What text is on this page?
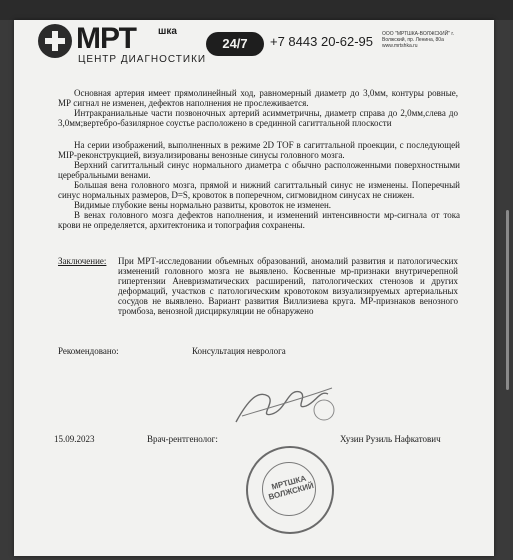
МРТ шка
ЦЕНТР ДИАГНОСТИКИ
24/7	+7 8443 20-62-95 ООО "МРТШКА-ВОЛЖСКИЙ" г. Волжский, пр. Ленина, 80а www.mrtshka.ru

Основная артерия имеет прямолинейный ход, равномерный диаметр до 3,0мм, контуры ровные, МР сигнал не изменен, дефектов наполнения не прослеживается.

Интракраниальные части позвоночных артерий асимметричны, диаметр справа до 2,0мм,слева до 3,0мм;вертебро-базилярное соустье расположено в срединной сагиттальной плоскости

На серии изображений, выполненных в режиме 2D TOF в сагиттальной проекции, с последующей МIР-реконструкцией, визуализированы венозные синусы головного мозга.

Верхний сагиттальный синус нормального диаметра с обычно расположенными поверхностными церебральными венами.

Большая вена головного мозга, прямой и нижний сагиттальный синус не изменены. Поперечный синус нормальных размеров, D=S, кровоток в поперечном, сигмовидном синусах не снижен.

Видимые глубокие вены нормально развиты, кровоток не изменен.

В венах головного мозга дефектов наполнения, и изменений интенсивности мр-сигнала от тока крови не определяется, архитектоника и топография сохранены.

Заключение:	При МРТ-исследовании объемных образований, аномалий развития и патологических изменений головного мозга не выявлено. Косвенные мр-признаки внутричерепной гипертензии Аневризматических расширений, патологических стенозов и других деформаций, участков с патологическим кровотоком визуализируемых артериальных сосудов не выявлено. Вариант развития Виллизиева круга. МР-признаков венозного тромбоза, венозной дисциркуляции не обнаружено
Рекомендовано:	Консультация невролога
15.09.2023	Врач-рентгенолог:	Хузин Рузиль Нафкатович
МРТШКА ВОЛЖСКИЙ
